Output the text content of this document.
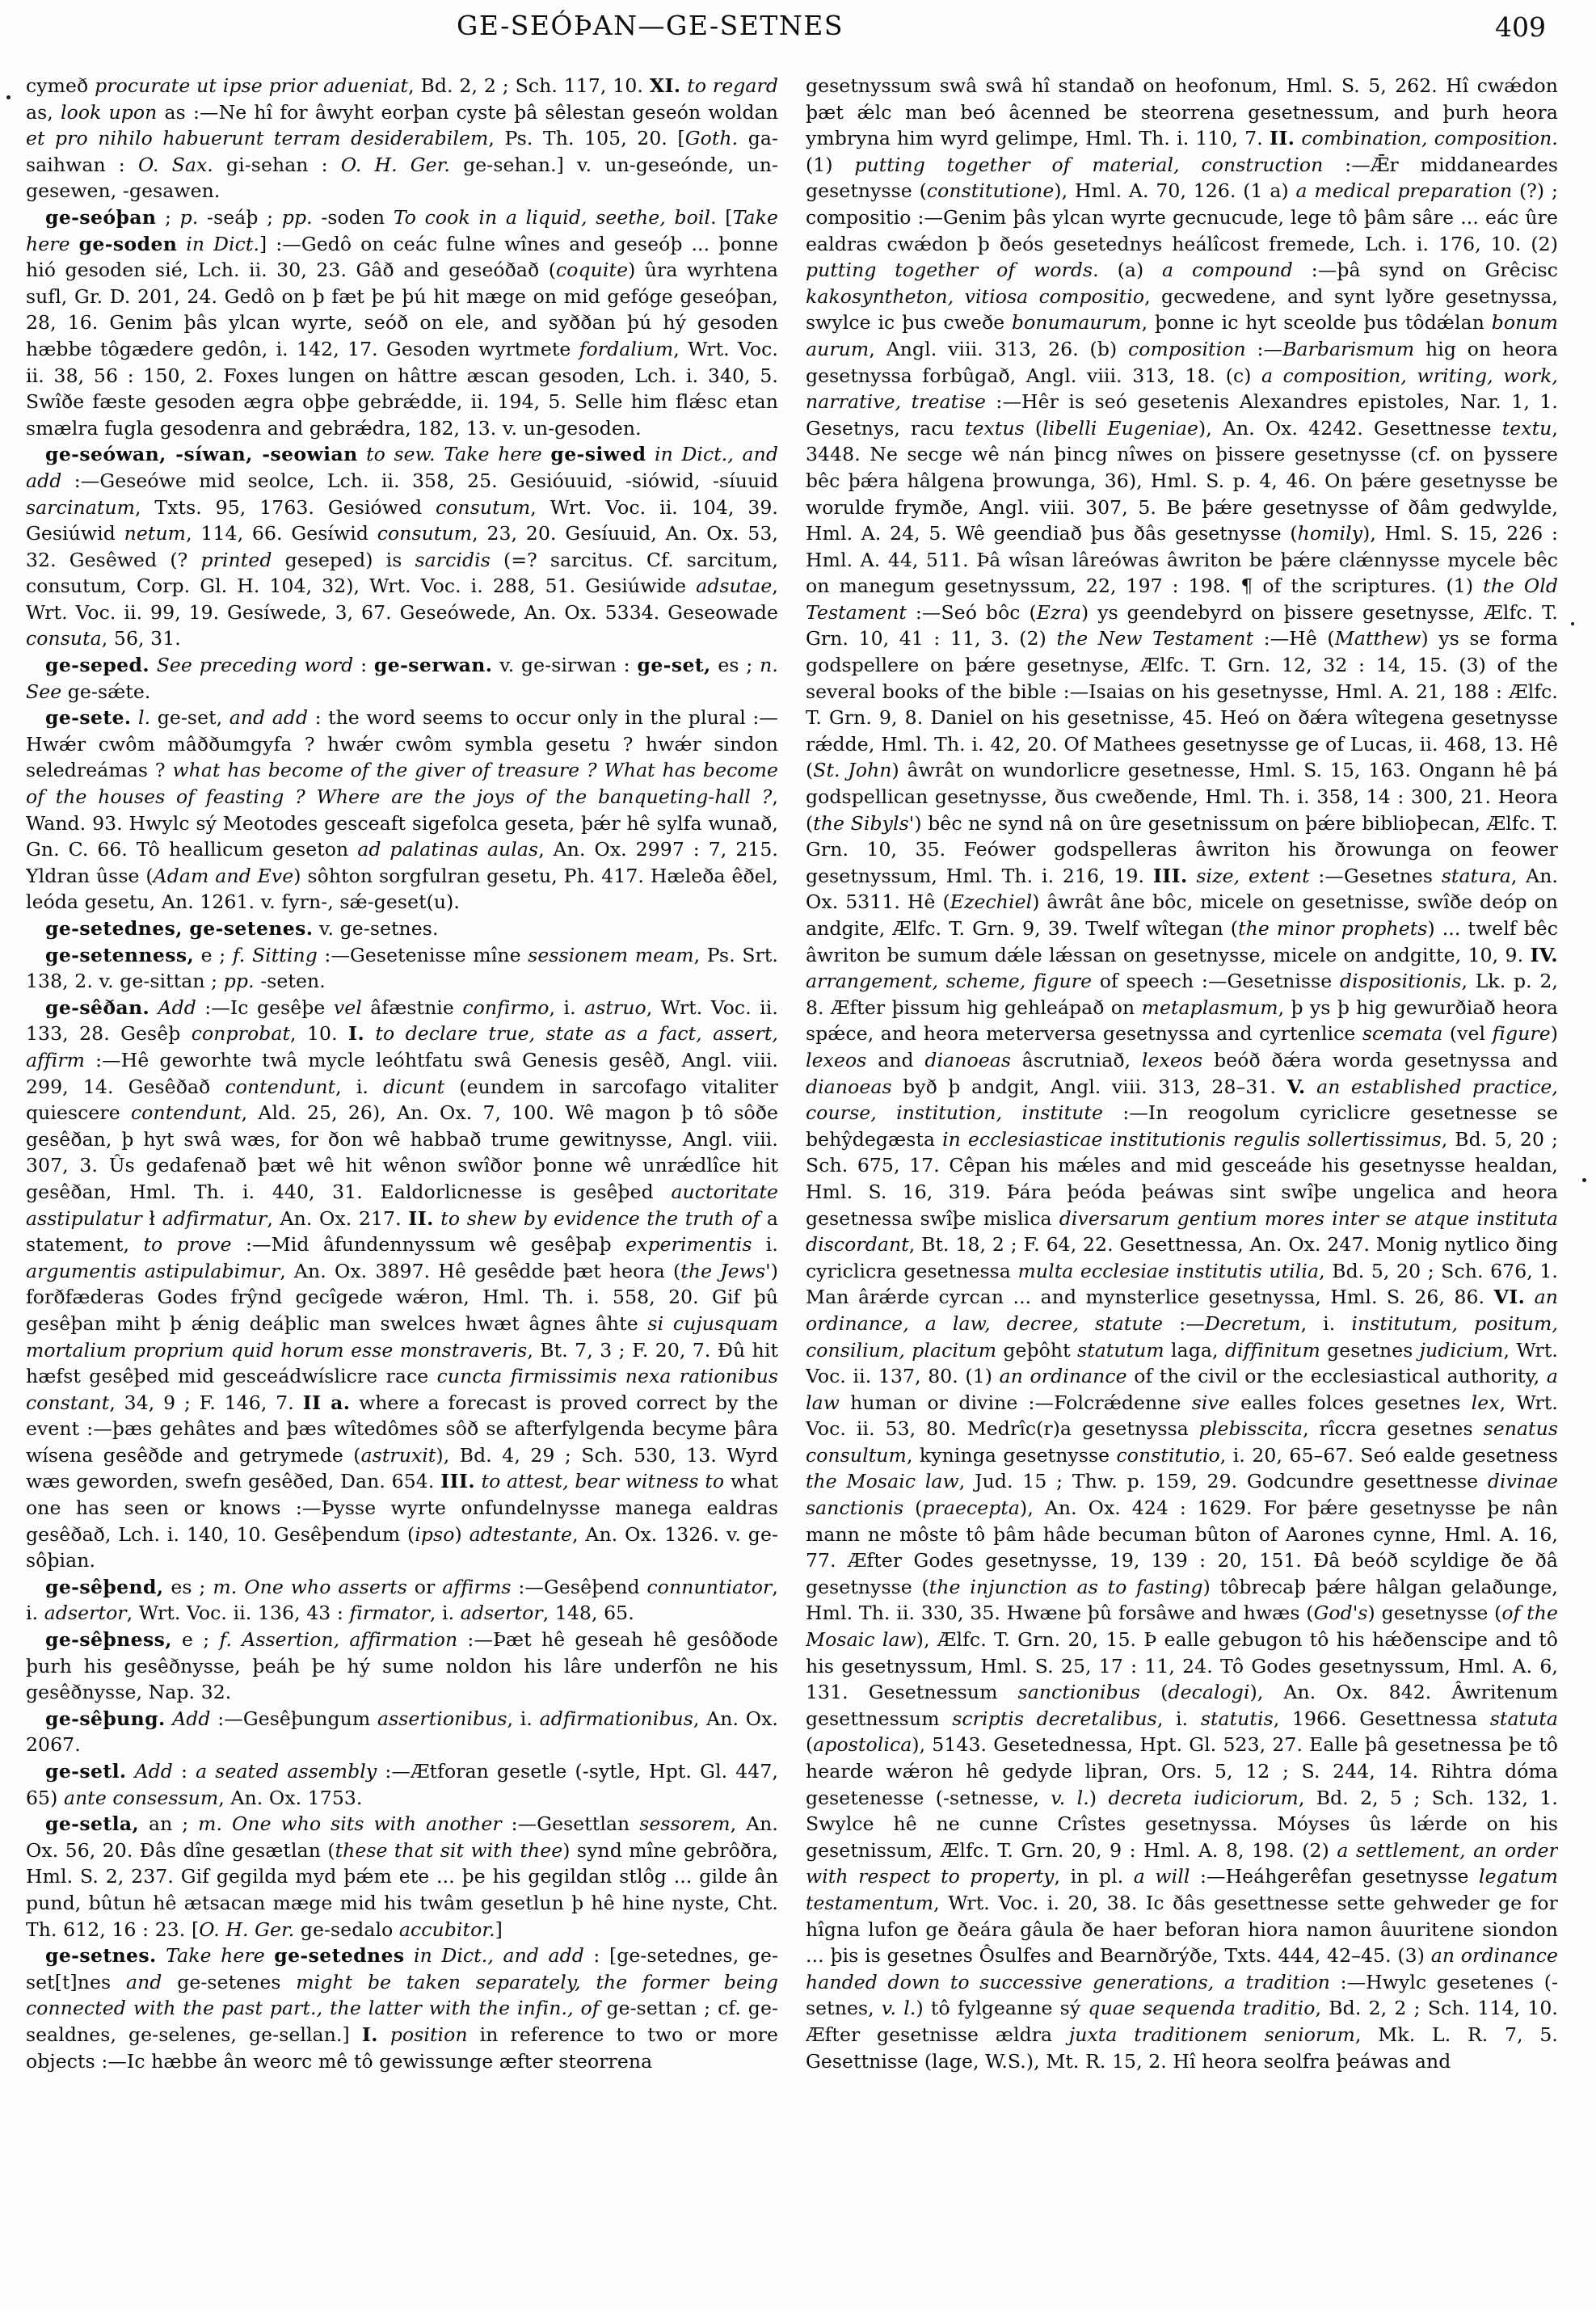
GE-SEÓÞAN—GE-SETNES	409

cymeð procurate ut ipse prior adueniat, Bd. 2, 2 ; Sch. 117, 10. XI. to regard as, look upon as :—Ne hî for âwyht eorþan cyste þâ sêlestan geseón woldan et pro nihilo habuerunt terram desiderabilem, Ps. Th. 105, 20. [Goth. ga-saihwan : O. Sax. gi-sehan : O. H. Ger. ge-sehan.] v. un-geseónde, un-gesewen, -gesawen.

ge-seóþan ; p. -seáþ ; pp. -soden To cook in a liquid, seethe, boil. [Take here ge-soden in Dict.] :—Gedô on ceác fulne wînes and geseóþ ... þonne hió gesoden sié, Lch. ii. 30, 23. Gâð and geseóðað (coquite) ûra wyrhtena sufl, Gr. D. 201, 24. Gedô on þ fæt þe þú hit mæge on mid gefóge geseóþan, 28, 16. Genim þâs ylcan wyrte, seóð on ele, and syððan þú hý gesoden hæbbe tôgædere gedôn, i. 142, 17. Gesoden wyrtmete fordalium, Wrt. Voc. ii. 38, 56 : 150, 2. Foxes lungen on hâttre æscan gesoden, Lch. i. 340, 5. Swîðe fæste gesoden ægra oþþe gebrǽdde, ii. 194, 5. Selle him flǽsc etan smælra fugla gesodenra and gebrǽdra, 182, 13. v. un-gesoden.

ge-seówan, -síwan, -seowian to sew. Take here ge-siwed in Dict., and add :—Geseówe mid seolce, Lch. ii. 358, 25. Gesióuuid, -siówid, -síuuid sarcinatum, Txts. 95, 1763. Gesiówed consutum, Wrt. Voc. ii. 104, 39. Gesiúwid netum, 114, 66. Gesíwid consutum, 23, 20. Gesíuuid, An. Ox. 53, 32. Gesêwed (? printed geseped) is sarcidis (=? sarcitus. Cf. sarcitum, consutum, Corp. Gl. H. 104, 32), Wrt. Voc. i. 288, 51. Gesiúwide adsutae, Wrt. Voc. ii. 99, 19. Gesíwede, 3, 67. Geseówede, An. Ox. 5334. Geseowade consuta, 56, 31.

ge-seped. See preceding word : ge-serwan. v. ge-sirwan : ge-set, es ; n. See ge-sǽte.

ge-sete. l. ge-set, and add : the word seems to occur only in the plural :—Hwǽr cwôm mâððumgyfa ? hwǽr cwôm symbla gesetu ? hwǽr sindon seledreámas ? what has become of the giver of treasure ? What has become of the houses of feasting ? Where are the joys of the banqueting-hall ?, Wand. 93. Hwylc sý Meotodes gesceaft sigefolca geseta, þǽr hê sylfa wunað, Gn. C. 66. Tô heallicum geseton ad palatinas aulas, An. Ox. 2997 : 7, 215. Yldran ûsse (Adam and Eve) sôhton sorgfulran gesetu, Ph. 417. Hæleða êðel, leóda gesetu, An. 1261. v. fyrn-, sǽ-geset(u).

ge-setednes, ge-setenes. v. ge-setnes.

ge-setenness, e ; f. Sitting :—Gesetenisse mîne sessionem meam, Ps. Srt. 138, 2. v. ge-sittan ; pp. -seten.

ge-sêðan. Add :—Ic gesêþe vel âfæstnie confirmo, i. astruo, Wrt. Voc. ii. 133, 28. Gesêþ conprobat, 10. I. to declare true, state as a fact, assert, affirm :—Hê geworhte twâ mycle leóhtfatu swâ Genesis gesêð, Angl. viii. 299, 14. Gesêðað contendunt, i. dicunt (eundem in sarcofago vitaliter quiescere contendunt, Ald. 25, 26), An. Ox. 7, 100. Wê magon þ tô sôðe gesêðan, þ hyt swâ wæs, for ðon wê habbað trume gewitnysse, Angl. viii. 307, 3. Ûs gedafenað þæt wê hit wênon swîðor þonne wê unrǽdlîce hit gesêðan, Hml. Th. i. 440, 31. Ealdorlicnesse is gesêþed auctoritate asstipulatur ł adfirmatur, An. Ox. 217. II. to shew by evidence the truth of a statement, to prove :—Mid âfundennyssum wê gesêþaþ experimentis i. argumentis astipulabimur, An. Ox. 3897. Hê gesêdde þæt heora (the Jews') forðfæderas Godes frŷnd gecîgede wǽron, Hml. Th. i. 558, 20. Gif þû gesêþan miht þ ǽnig deáþlic man swelces hwæt âgnes âhte si cujusquam mortalium proprium quid horum esse monstraveris, Bt. 7, 3 ; F. 20, 7. Ðû hit hæfst gesêþed mid gesceádwíslicre race cuncta firmissimis nexa rationibus constant, 34, 9 ; F. 146, 7. II a. where a forecast is proved correct by the event :—þæs gehâtes and þæs wîtedômes sôð se afterfylgenda becyme þâra wísena gesêðde and getrymede (astruxit), Bd. 4, 29 ; Sch. 530, 13. Wyrd wæs geworden, swefn gesêðed, Dan. 654. III. to attest, bear witness to what one has seen or knows :—Þysse wyrte onfundelnysse manega ealdras gesêðað, Lch. i. 140, 10. Gesêþendum (ipso) adtestante, An. Ox. 1326. v. ge-sôþian.

ge-sêþend, es ; m. One who asserts or affirms :—Gesêþend connuntiator, i. adsertor, Wrt. Voc. ii. 136, 43 : firmator, i. adsertor, 148, 65.

ge-sêþness, e ; f. Assertion, affirmation :—Þæt hê geseah hê gesôðode þurh his gesêðnysse, þeáh þe hý sume noldon his lâre underfôn ne his gesêðnysse, Nap. 32.

ge-sêþung. Add :—Gesêþungum assertionibus, i. adfirmationibus, An. Ox. 2067.

ge-setl. Add : a seated assembly :—Ætforan gesetle (-sytle, Hpt. Gl. 447, 65) ante consessum, An. Ox. 1753.

ge-setla, an ; m. One who sits with another :—Gesettlan sessorem, An. Ox. 56, 20. Ðâs dîne gesætlan (these that sit with thee) synd mîne gebrôðra, Hml. S. 2, 237. Gif gegilda myd þǽm ete ... þe his gegildan stlôg ... gilde ân pund, bûtun hê ætsacan mæge mid his twâm gesetlun þ hê hine nyste, Cht. Th. 612, 16 : 23. [O. H. Ger. ge-sedalo accubitor.]

ge-setnes. Take here ge-setednes in Dict., and add : [ge-setednes, ge-set[t]nes and ge-setenes might be taken separately, the former being connected with the past part., the latter with the infin., of ge-settan ; cf. ge-sealdnes, ge-selenes, ge-sellan.] I. position in reference to two or more objects :—Ic hæbbe ân weorc mê tô gewissunge æfter steorrena

gesetnyssum swâ swâ hî standað on heofonum, Hml. S. 5, 262. Hî cwǽdon þæt ǽlc man beó âcenned be steorrena gesetnessum, and þurh heora ymbryna him wyrd gelimpe, Hml. Th. i. 110, 7. II. combination, composition. (1) putting together of material, construction :—Ǣr middaneardes gesetnysse (constitutione), Hml. A. 70, 126. (1 a) a medical preparation (?) ; compositio :—Genim þâs ylcan wyrte gecnucude, lege tô þâm sâre ... eác ûre ealdras cwǽdon þ ðeós gesetednys heálîcost fremede, Lch. i. 176, 10. (2) putting together of words. (a) a compound :—þâ synd on Grêcisc kakosyntheton, vitiosa compositio, gecwedene, and synt lyðre gesetnyssa, swylce ic þus cweðe bonumaurum, þonne ic hyt sceolde þus tôdǽlan bonum aurum, Angl. viii. 313, 26. (b) composition :—Barbarismum hig on heora gesetnyssa forbûgað, Angl. viii. 313, 18. (c) a composition, writing, work, narrative, treatise :—Hêr is seó gesetenis Alexandres epistoles, Nar. 1, 1. Gesetnys, racu textus (libelli Eugeniae), An. Ox. 4242. Gesettnesse textu, 3448. Ne secge wê nán þincg nîwes on þissere gesetnysse (cf. on þyssere bêc þǽra hâlgena þrowunga, 36), Hml. S. p. 4, 46. On þǽre gesetnysse be worulde frymðe, Angl. viii. 307, 5. Be þǽre gesetnysse of ðâm gedwylde, Hml. A. 24, 5. Wê geendiað þus ðâs gesetnysse (homily), Hml. S. 15, 226 : Hml. A. 44, 511. Þâ wîsan lâreówas âwriton be þǽre clǽnnysse mycele bêc on manegum gesetnyssum, 22, 197 : 198. ¶ of the scriptures. (1) the Old Testament :—Seó bôc (Ezra) ys geendebyrd on þissere gesetnysse, Ælfc. T. Grn. 10, 41 : 11, 3. (2) the New Testament :—Hê (Matthew) ys se forma godspellere on þǽre gesetnyse, Ælfc. T. Grn. 12, 32 : 14, 15. (3) of the several books of the bible :—Isaias on his gesetnysse, Hml. A. 21, 188 : Ælfc. T. Grn. 9, 8. Daniel on his gesetnisse, 45. Heó on ðǽra wîtegena gesetnysse rǽdde, Hml. Th. i. 42, 20. Of Mathees gesetnysse ge of Lucas, ii. 468, 13. Hê (St. John) âwrât on wundorlicre gesetnesse, Hml. S. 15, 163. Ongann hê þá godspellican gesetnysse, ðus cweðende, Hml. Th. i. 358, 14 : 300, 21. Heora (the Sibyls') bêc ne synd nâ on ûre gesetnissum on þǽre biblioþecan, Ælfc. T. Grn. 10, 35. Feówer godspelleras âwriton his ðrowunga on feower gesetnyssum, Hml. Th. i. 216, 19. III. size, extent :—Gesetnes statura, An. Ox. 5311. Hê (Ezechiel) âwrât âne bôc, micele on gesetnisse, swîðe deóp on andgite, Ælfc. T. Grn. 9, 39. Twelf wîtegan (the minor prophets) ... twelf bêc âwriton be sumum dǽle lǽssan on gesetnysse, micele on andgitte, 10, 9. IV. arrangement, scheme, figure of speech :—Gesetnisse dispositionis, Lk. p. 2, 8. Æfter þissum hig gehleápað on metaplasmum, þ ys þ hig gewurðiað heora spǽce, and heora meterversa gesetnyssa and cyrtenlice scemata (vel figure) lexeos and dianoeas âscrutniað, lexeos beóð ðǽra worda gesetnyssa and dianoeas byð þ andgit, Angl. viii. 313, 28–31. V. an established practice, course, institution, institute :—In reogolum cyriclicre gesetnesse se behŷdegæsta in ecclesiasticae institutionis regulis sollertissimus, Bd. 5, 20 ; Sch. 675, 17. Cêpan his mǽles and mid gesceáde his gesetnysse healdan, Hml. S. 16, 319. Þára þeóda þeáwas sint swîþe ungelica and heora gesetnessa swîþe mislica diversarum gentium mores inter se atque instituta discordant, Bt. 18, 2 ; F. 64, 22. Gesettnessa, An. Ox. 247. Monig nytlico ðing cyriclicra gesetnessa multa ecclesiae institutis utilia, Bd. 5, 20 ; Sch. 676, 1. Man ârǽrde cyrcan ... and mynsterlice gesetnyssa, Hml. S. 26, 86. VI. an ordinance, a law, decree, statute :—Decretum, i. institutum, positum, consilium, placitum geþôht statutum laga, diffinitum gesetnes judicium, Wrt. Voc. ii. 137, 80. (1) an ordinance of the civil or the ecclesiastical authority, a law human or divine :—Folcrǽdenne sive ealles folces gesetnes lex, Wrt. Voc. ii. 53, 80. Medrîc(r)a gesetnyssa plebisscita, rîccra gesetnes senatus consultum, kyninga gesetnysse constitutio, i. 20, 65–67. Seó ealde gesetness the Mosaic law, Jud. 15 ; Thw. p. 159, 29. Godcundre gesettnesse divinae sanctionis (praecepta), An. Ox. 424 : 1629. For þǽre gesetnysse þe nân mann ne môste tô þâm hâde becuman bûton of Aarones cynne, Hml. A. 16, 77. Æfter Godes gesetnysse, 19, 139 : 20, 151. Ðâ beóð scyldige ðe ðâ gesetnysse (the injunction as to fasting) tôbrecaþ þǽre hâlgan gelaðunge, Hml. Th. ii. 330, 35. Hwæne þû forsâwe and hwæs (God's) gesetnysse (of the Mosaic law), Ælfc. T. Grn. 20, 15. Þ ealle gebugon tô his hǽðenscipe and tô his gesetnyssum, Hml. S. 25, 17 : 11, 24. Tô Godes gesetnyssum, Hml. A. 6, 131. Gesetnessum sanctionibus (decalogi), An. Ox. 842. Âwritenum gesettnessum scriptis decretalibus, i. statutis, 1966. Gesettnessa statuta (apostolica), 5143. Gesetednessa, Hpt. Gl. 523, 27. Ealle þâ gesetnessa þe tô hearde wǽron hê gedyde liþran, Ors. 5, 12 ; S. 244, 14. Rihtra dóma gesetenesse (-setnesse, v. l.) decreta iudiciorum, Bd. 2, 5 ; Sch. 132, 1. Swylce hê ne cunne Crîstes gesetnyssa. Móyses ûs lǽrde on his gesetnissum, Ælfc. T. Grn. 20, 9 : Hml. A. 8, 198. (2) a settlement, an order with respect to property, in pl. a will :—Heáhgerêfan gesetnysse legatum testamentum, Wrt. Voc. i. 20, 38. Ic ðâs gesettnesse sette gehweder ge for hîgna lufon ge ðeára gâula ðe haer beforan hiora namon âuuritene siondon ... þis is gesetnes Ôsulfes and Bearnðrýðe, Txts. 444, 42–45. (3) an ordinance handed down to successive generations, a tradition :—Hwylc gesetenes (-setnes, v. l.) tô fylgeanne sý quae sequenda traditio, Bd. 2, 2 ; Sch. 114, 10. Æfter gesetnisse ældra juxta traditionem seniorum, Mk. L. R. 7, 5. Gesettnisse (lage, W.S.), Mt. R. 15, 2. Hî heora seolfra þeáwas and
